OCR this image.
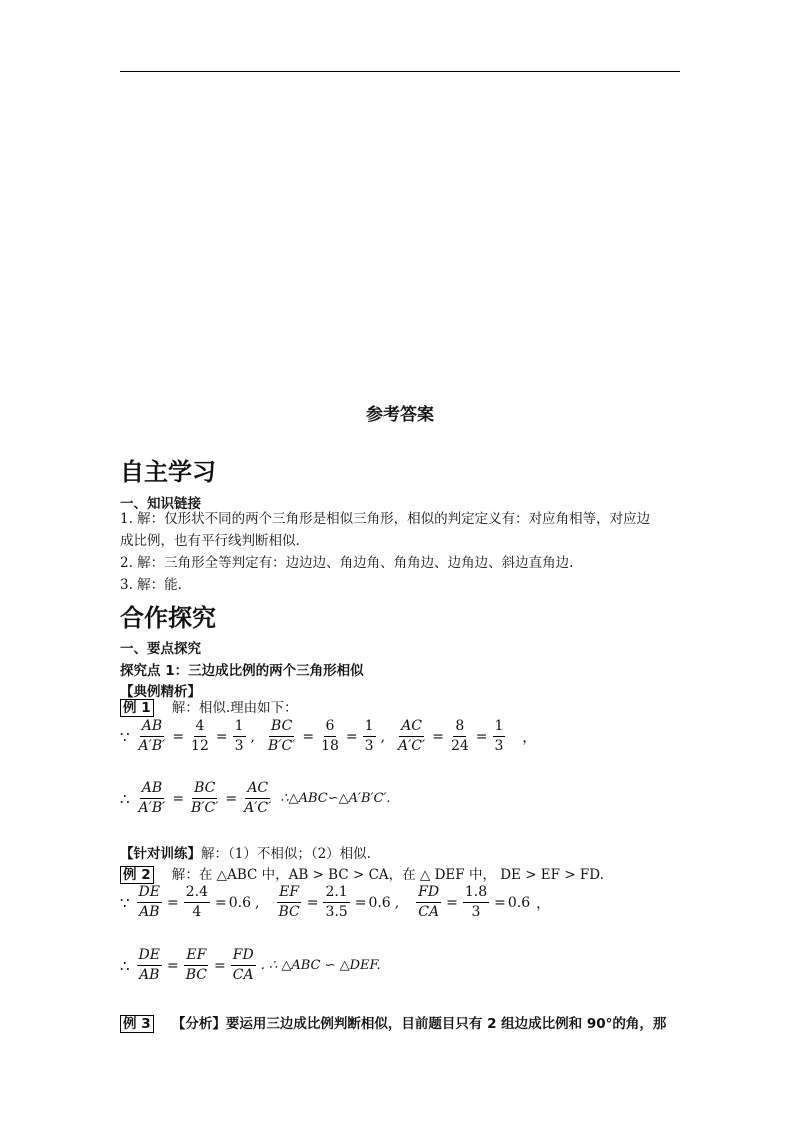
参考答案
自主学习
一、知识链接
1. 解：仅形状不同的两个三角形是相似三角形，相似的判定定义有：对应角相等，对应边
成比例，也有平行线判断相似.
2. 解：三角形全等判定有：边边边、角边角、角角边、边角边、斜边直角边.
3. 解：能.
合作探究
一、要点探究
探究点 1：三边成比例的两个三角形相似
【典例精析】
例 1 解：相似.理由如下：
∵ $\frac{AB}{A'B'} = \frac{4}{12} = \frac{1}{3}$ , $\frac{BC}{B'C'} = \frac{6}{18} = \frac{1}{3}$ , $\frac{AC}{A'C'} = \frac{8}{24} = \frac{1}{3}$ ，
∴ $\frac{AB}{A'B'} = \frac{BC}{B'C'} = \frac{AC}{A'C'}$ ∴△ABC∽△A′B′C′.
【针对训练】解：（1）不相似；（2）相似.
例 2 解：在 △ABC 中，AB > BC > CA，在 △ DEF 中， DE > EF > FD.
∵ $\frac{DE}{AB} = \frac{2.4}{4} = 0.6$ , $\frac{EF}{BC} = \frac{2.1}{3.5} = 0.6$ , $\frac{FD}{CA} = \frac{1.8}{3} = 0.6$ ，
∴ $\frac{DE}{AB} = \frac{EF}{BC} = \frac{FD}{CA}$ . ∴ △ABC ∽ △DEF.
例 3 【分析】要运用三边成比例判断相似，目前题目只有 2 组边成比例和 90°的角，那
